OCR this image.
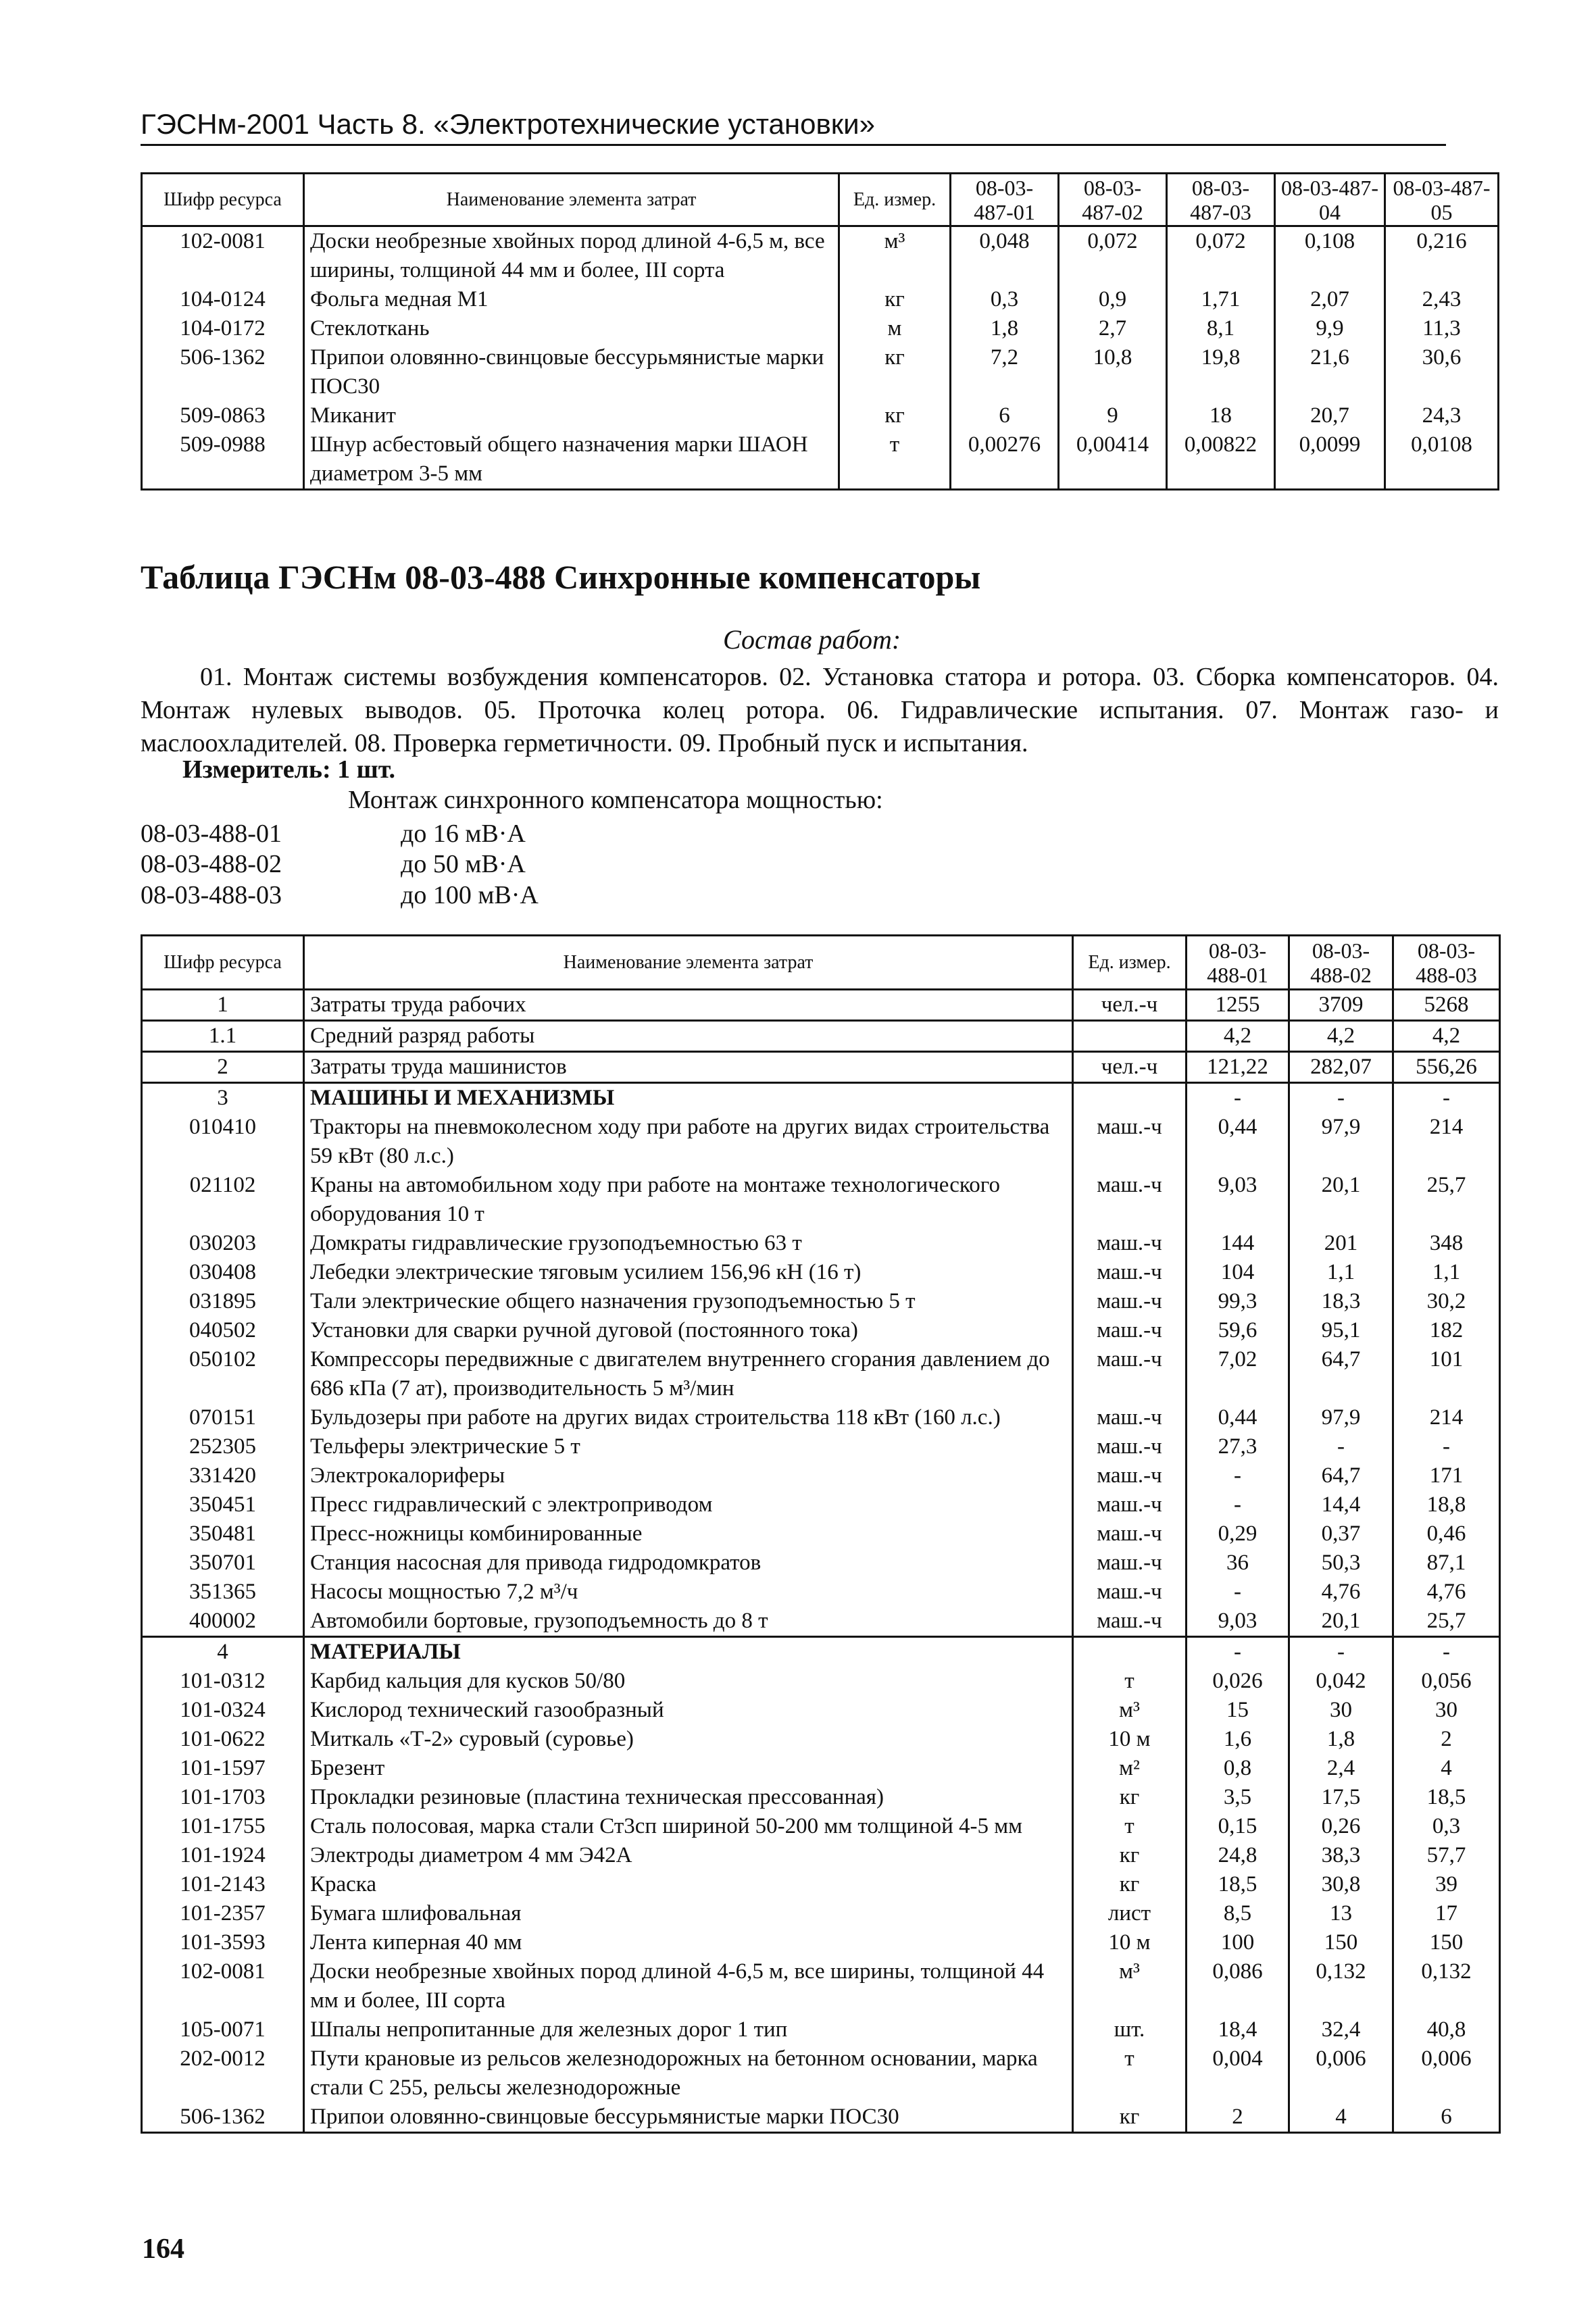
ГЭСНм-2001 Часть 8. «Электротехнические установки»
Шифр ресурса	Наименование элемента затрат	Ед. измер.	08-03-487-01	08-03-487-02	08-03-487-03	08-03-487-04	08-03-487-05
102-0081	Доски необрезные хвойных пород длиной 4-6,5 м, все ширины, толщиной 44 мм и более, III сорта	м³	0,048	0,072	0,072	0,108	0,216
104-0124	Фольга медная М1	кг	0,3	0,9	1,71	2,07	2,43
104-0172	Стеклоткань	м	1,8	2,7	8,1	9,9	11,3
506-1362	Припои оловянно-свинцовые бессурьмянистые марки ПОС30	кг	7,2	10,8	19,8	21,6	30,6
509-0863	Миканит	кг	6	9	18	20,7	24,3
509-0988	Шнур асбестовый общего назначения марки ШАОН диаметром 3-5 мм	т	0,00276	0,00414	0,00822	0,0099	0,0108
Таблица ГЭСНм 08-03-488 Синхронные компенсаторы
Состав работ:

01. Монтаж системы возбуждения компенсаторов. 02. Установка статора и ротора. 03. Сборка компенсаторов. 04. Монтаж нулевых выводов. 05. Проточка колец ротора. 06. Гидравлические испытания. 07. Монтаж газо- и маслоохладителей. 08. Проверка герметичности. 09. Пробный пуск и испытания.

Измеритель: 1 шт.
Монтаж синхронного компенсатора мощностью:
08-03-488-01	до 16 мВ·А
08-03-488-02	до 50 мВ·А
08-03-488-03	до 100 мВ·А
Шифр ресурса	Наименование элемента затрат	Ед. измер.	08-03-488-01	08-03-488-02	08-03-488-03
1	Затраты труда рабочих	чел.-ч	1255	3709	5268
1.1	Средний разряд работы		4,2	4,2	4,2
2	Затраты труда машинистов	чел.-ч	121,22	282,07	556,26
3	МАШИНЫ И МЕХАНИЗМЫ		-	-	-
010410	Тракторы на пневмоколесном ходу при работе на других видах строительства 59 кВт (80 л.с.)	маш.-ч	0,44	97,9	214
021102	Краны на автомобильном ходу при работе на монтаже технологического оборудования 10 т	маш.-ч	9,03	20,1	25,7
030203	Домкраты гидравлические грузоподъемностью 63 т	маш.-ч	144	201	348
030408	Лебедки электрические тяговым усилием 156,96 кН (16 т)	маш.-ч	104	1,1	1,1
031895	Тали электрические общего назначения грузоподъемностью 5 т	маш.-ч	99,3	18,3	30,2
040502	Установки для сварки ручной дуговой (постоянного тока)	маш.-ч	59,6	95,1	182
050102	Компрессоры передвижные с двигателем внутреннего сгорания давлением до 686 кПа (7 ат), производительность 5 м³/мин	маш.-ч	7,02	64,7	101
070151	Бульдозеры при работе на других видах строительства 118 кВт (160 л.с.)	маш.-ч	0,44	97,9	214
252305	Тельферы электрические 5 т	маш.-ч	27,3	-	-
331420	Электрокалориферы	маш.-ч	-	64,7	171
350451	Пресс гидравлический с электроприводом	маш.-ч	-	14,4	18,8
350481	Пресс-ножницы комбинированные	маш.-ч	0,29	0,37	0,46
350701	Станция насосная для привода гидродомкратов	маш.-ч	36	50,3	87,1
351365	Насосы мощностью 7,2 м³/ч	маш.-ч	-	4,76	4,76
400002	Автомобили бортовые, грузоподъемность до 8 т	маш.-ч	9,03	20,1	25,7
4	МАТЕРИАЛЫ		-	-	-
101-0312	Карбид кальция для кусков 50/80	т	0,026	0,042	0,056
101-0324	Кислород технический газообразный	м³	15	30	30
101-0622	Миткаль «Т-2» суровый (суровье)	10 м	1,6	1,8	2
101-1597	Брезент	м²	0,8	2,4	4
101-1703	Прокладки резиновые (пластина техническая прессованная)	кг	3,5	17,5	18,5
101-1755	Сталь полосовая, марка стали Ст3сп шириной 50-200 мм толщиной 4-5 мм	т	0,15	0,26	0,3
101-1924	Электроды диаметром 4 мм Э42А	кг	24,8	38,3	57,7
101-2143	Краска	кг	18,5	30,8	39
101-2357	Бумага шлифовальная	лист	8,5	13	17
101-3593	Лента киперная 40 мм	10 м	100	150	150
102-0081	Доски необрезные хвойных пород длиной 4-6,5 м, все ширины, толщиной 44 мм и более, III сорта	м³	0,086	0,132	0,132
105-0071	Шпалы непропитанные для железных дорог 1 тип	шт.	18,4	32,4	40,8
202-0012	Пути крановые из рельсов железнодорожных на бетонном основании, марка стали С 255, рельсы железнодорожные	т	0,004	0,006	0,006
506-1362	Припои оловянно-свинцовые бессурьмянистые марки ПОС30	кг	2	4	6
164
